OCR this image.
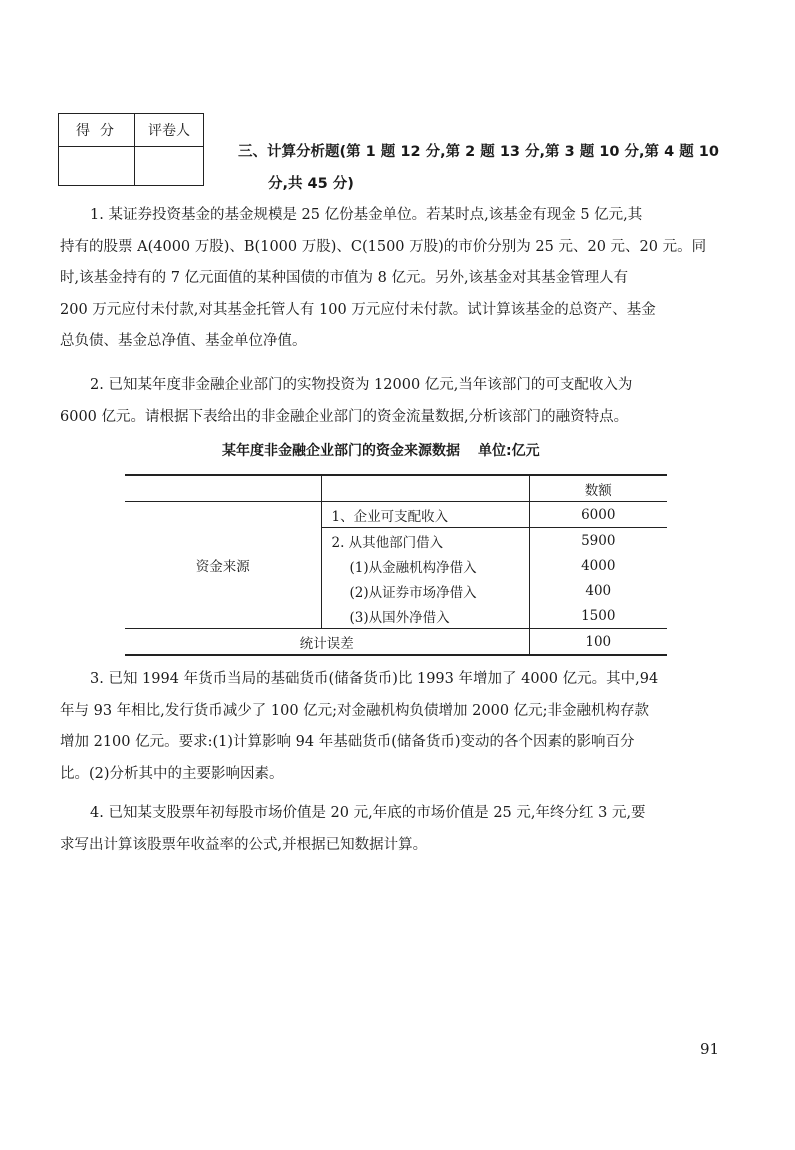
得分	评卷人

三、计算分析题(第 1 题 12 分,第 2 题 13 分,第 3 题 10 分,第 4 题 10
分,共 45 分)
1. 某证券投资基金的基金规模是 25 亿份基金单位。若某时点,该基金有现金 5 亿元,其
持有的股票 A(4000 万股)、B(1000 万股)、C(1500 万股)的市价分别为 25 元、20 元、20 元。同
时,该基金持有的 7 亿元面值的某种国债的市值为 8 亿元。另外,该基金对其基金管理人有
200 万元应付未付款,对其基金托管人有 100 万元应付未付款。试计算该基金的总资产、基金
总负债、基金总净值、基金单位净值。
2. 已知某年度非金融企业部门的实物投资为 12000 亿元,当年该部门的可支配收入为
6000 亿元。请根据下表给出的非金融企业部门的资金流量数据,分析该部门的融资特点。
某年度非金融企业部门的资金来源数据 单位:亿元
		数额
资金来源	1、企业可支配收入	6000
	2. 从其他部门借入	5900
	(1)从金融机构净借入	4000
	(2)从证券市场净借入	400
	(3)从国外净借入	1500
统计误差		100
3. 已知 1994 年货币当局的基础货币(储备货币)比 1993 年增加了 4000 亿元。其中,94
年与 93 年相比,发行货币减少了 100 亿元;对金融机构负债增加 2000 亿元;非金融机构存款
增加 2100 亿元。要求:(1)计算影响 94 年基础货币(储备货币)变动的各个因素的影响百分
比。(2)分析其中的主要影响因素。
4. 已知某支股票年初每股市场价值是 20 元,年底的市场价值是 25 元,年终分红 3 元,要
求写出计算该股票年收益率的公式,并根据已知数据计算。
91
